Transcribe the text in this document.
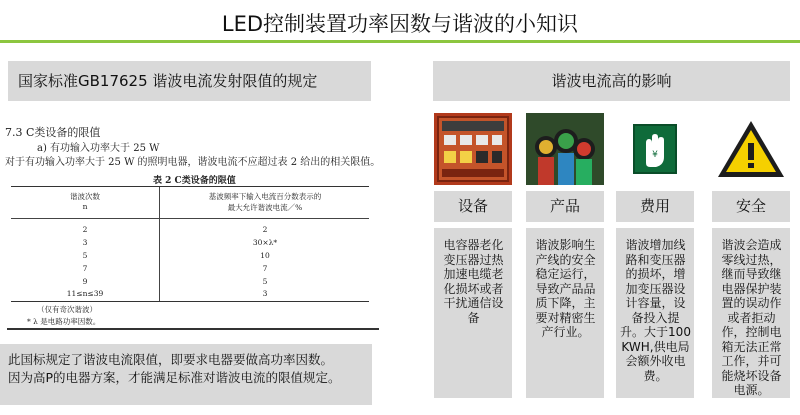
LED控制装置功率因数与谐波的小知识
国家标准GB17625 谐波电流发射限值的规定	谐波电流高的影响
7.3 C类设备的限值
a) 有功输入功率大于 25 W
对于有功输入功率大于 25 W 的照明电器，谐波电流不应超过表 2 给出的相关限值。
表 2 C类设备的限值
谐波次数
n
基波频率下输入电流百分数表示的
最大允许谐波电流／%
2	2
3	30×λ*
5	10
7	7
9	5
11≤n≤39	3
（仅有奇次谐波）
* λ 是电路功率因数。
此国标规定了谐波电流限值，即要求电器要做高功率因数。
因为高P的电器方案，才能满足标准对谐波电流的限值规定。
设备
电容器老化变压器过热加速电缆老化损坏或者干扰通信设备
产品
谐波影响生产线的安全稳定运行，导致产品品质下降，主要对精密生产行业。
¥
费用
谐波增加线路和变压器的损坏，增加变压器设计容量，设备投入提升。大于100KWH,供电局会额外收电费。
安全
谐波会造成零线过热，继而导致继电器保护装置的误动作或者拒动作，控制电箱无法正常工作，并可能烧坏设备电源。
